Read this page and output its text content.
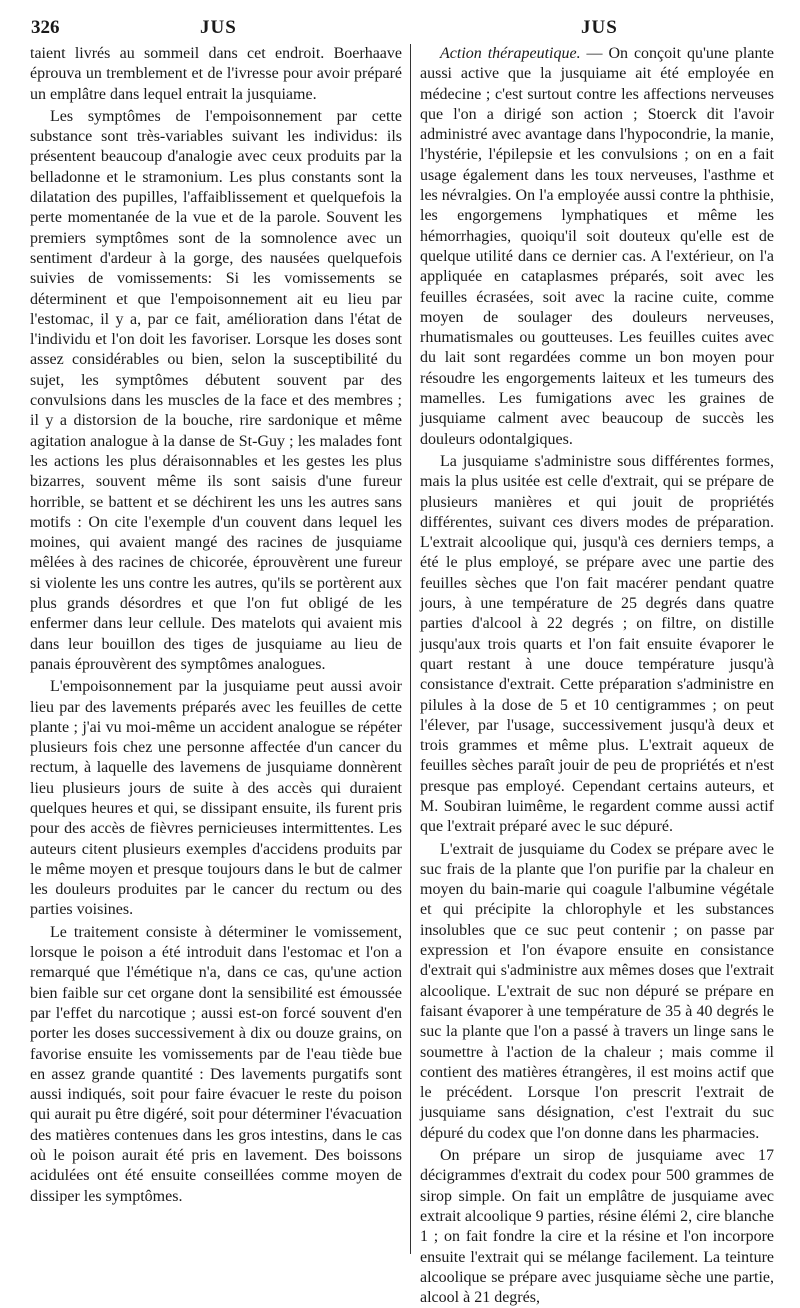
326	JUS	JUS

taient livrés au sommeil dans cet endroit. Boerhaave éprouva un tremblement et de l'ivresse pour avoir préparé un emplâtre dans lequel entrait la jusquiame.

Les symptômes de l'empoisonnement par cette substance sont très-variables suivant les individus: ils présentent beaucoup d'analogie avec ceux produits par la belladonne et le stramonium. Les plus constants sont la dilatation des pupilles, l'affaiblissement et quelquefois la perte momentanée de la vue et de la parole. Souvent les premiers symptômes sont de la somnolence avec un sentiment d'ardeur à la gorge, des nausées quelquefois suivies de vomissements: Si les vomissements se déterminent et que l'empoisonnement ait eu lieu par l'estomac, il y a, par ce fait, amélioration dans l'état de l'individu et l'on doit les favoriser. Lorsque les doses sont assez considérables ou bien, selon la susceptibilité du sujet, les symptômes débutent souvent par des convulsions dans les muscles de la face et des membres ; il y a distorsion de la bouche, rire sardonique et même agitation analogue à la danse de St-Guy ; les malades font les actions les plus déraisonnables et les gestes les plus bizarres, souvent même ils sont saisis d'une fureur horrible, se battent et se déchirent les uns les autres sans motifs : On cite l'exemple d'un couvent dans lequel les moines, qui avaient mangé des racines de jusquiame mêlées à des racines de chicorée, éprouvèrent une fureur si violente les uns contre les autres, qu'ils se portèrent aux plus grands désordres et que l'on fut obligé de les enfermer dans leur cellule. Des matelots qui avaient mis dans leur bouillon des tiges de jusquiame au lieu de panais éprouvèrent des symptômes analogues.

L'empoisonnement par la jusquiame peut aussi avoir lieu par des lavements préparés avec les feuilles de cette plante ; j'ai vu moi-même un accident analogue se répéter plusieurs fois chez une personne affectée d'un cancer du rectum, à laquelle des lavemens de jusquiame donnèrent lieu plusieurs jours de suite à des accès qui duraient quelques heures et qui, se dissipant ensuite, ils furent pris pour des accès de fièvres pernicieuses intermittentes. Les auteurs citent plusieurs exemples d'accidens produits par le même moyen et presque toujours dans le but de calmer les douleurs produites par le cancer du rectum ou des parties voisines.

Le traitement consiste à déterminer le vomissement, lorsque le poison a été introduit dans l'estomac et l'on a remarqué que l'émétique n'a, dans ce cas, qu'une action bien faible sur cet organe dont la sensibilité est émoussée par l'effet du narcotique ; aussi est-on forcé souvent d'en porter les doses successivement à dix ou douze grains, on favorise ensuite les vomissements par de l'eau tiède bue en assez grande quantité : Des lavements purgatifs sont aussi indiqués, soit pour faire évacuer le reste du poison qui aurait pu être digéré, soit pour déterminer l'évacuation des matières contenues dans les gros intestins, dans le cas où le poison aurait été pris en lavement. Des boissons acidulées ont été ensuite conseillées comme moyen de dissiper les symptômes.

Action thérapeutique. — On conçoit qu'une plante aussi active que la jusquiame ait été employée en médecine ; c'est surtout contre les affections nerveuses que l'on a dirigé son action ; Stoerck dit l'avoir administré avec avantage dans l'hypocondrie, la manie, l'hystérie, l'épilepsie et les convulsions ; on en a fait usage également dans les toux nerveuses, l'asthme et les névralgies. On l'a employée aussi contre la phthisie, les engorgemens lymphatiques et même les hémorrhagies, quoiqu'il soit douteux qu'elle est de quelque utilité dans ce dernier cas. A l'extérieur, on l'a appliquée en cataplasmes préparés, soit avec les feuilles écrasées, soit avec la racine cuite, comme moyen de soulager des douleurs nerveuses, rhumatismales ou goutteuses. Les feuilles cuites avec du lait sont regardées comme un bon moyen pour résoudre les engorgements laiteux et les tumeurs des mamelles. Les fumigations avec les graines de jusquiame calment avec beaucoup de succès les douleurs odontalgiques.

La jusquiame s'administre sous différentes formes, mais la plus usitée est celle d'extrait, qui se prépare de plusieurs manières et qui jouit de propriétés différentes, suivant ces divers modes de préparation. L'extrait alcoolique qui, jusqu'à ces derniers temps, a été le plus employé, se prépare avec une partie des feuilles sèches que l'on fait macérer pendant quatre jours, à une température de 25 degrés dans quatre parties d'alcool à 22 degrés ; on filtre, on distille jusqu'aux trois quarts et l'on fait ensuite évaporer le quart restant à une douce température jusqu'à consistance d'extrait. Cette préparation s'administre en pilules à la dose de 5 et 10 centigrammes ; on peut l'élever, par l'usage, successivement jusqu'à deux et trois grammes et même plus. L'extrait aqueux de feuilles sèches paraît jouir de peu de propriétés et n'est presque pas employé. Cependant certains auteurs, et M. Soubiran luimême, le regardent comme aussi actif que l'extrait préparé avec le suc dépuré.

L'extrait de jusquiame du Codex se prépare avec le suc frais de la plante que l'on purifie par la chaleur en moyen du bain-marie qui coagule l'albumine végétale et qui précipite la chlorophyle et les substances insolubles que ce suc peut contenir ; on passe par expression et l'on évapore ensuite en consistance d'extrait qui s'administre aux mêmes doses que l'extrait alcoolique. L'extrait de suc non dépuré se prépare en faisant évaporer à une température de 35 à 40 degrés le suc la plante que l'on a passé à travers un linge sans le soumettre à l'action de la chaleur ; mais comme il contient des matières étrangères, il est moins actif que le précédent. Lorsque l'on prescrit l'extrait de jusquiame sans désignation, c'est l'extrait du suc dépuré du codex que l'on donne dans les pharmacies.

On prépare un sirop de jusquiame avec 17 décigrammes d'extrait du codex pour 500 grammes de sirop simple. On fait un emplâtre de jusquiame avec extrait alcoolique 9 parties, résine élémi 2, cire blanche 1 ; on fait fondre la cire et la résine et l'on incorpore ensuite l'extrait qui se mélange facilement. La teinture alcoolique se prépare avec jusquiame sèche une partie, alcool à 21 degrés,
